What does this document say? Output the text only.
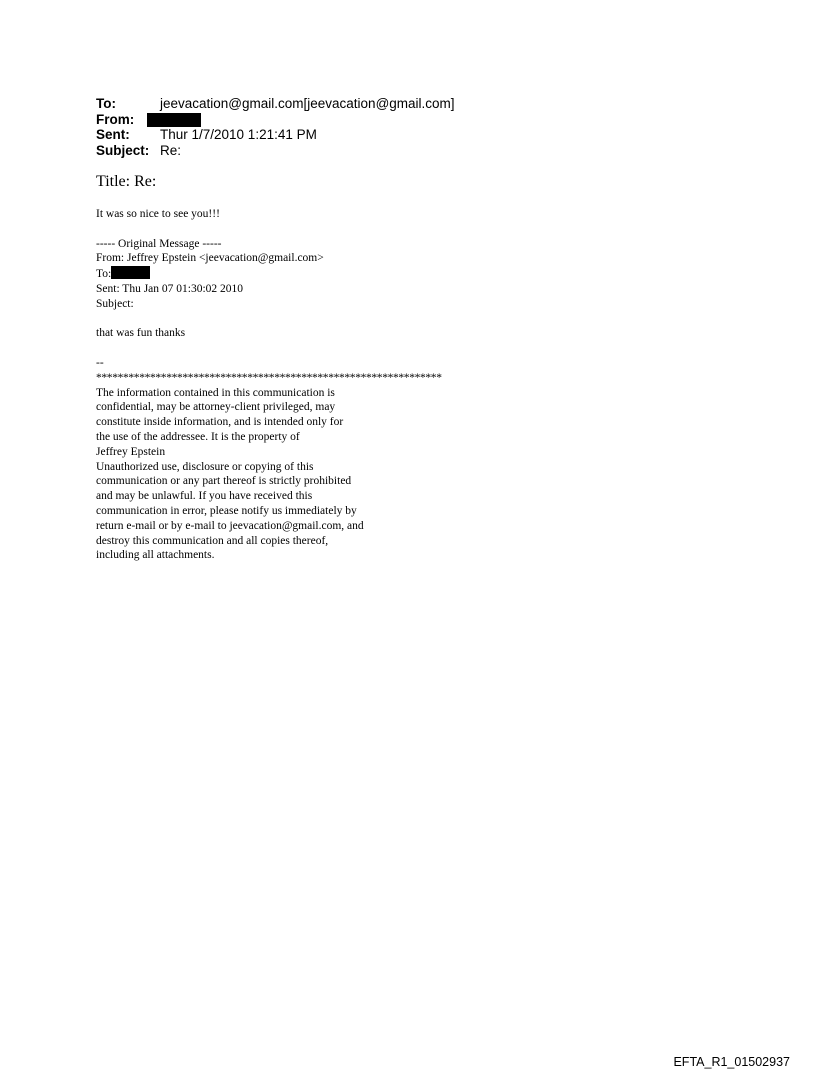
To:	jeevacation@gmail.com[jeevacation@gmail.com]
From:
Sent:	Thur 1/7/2010 1:21:41 PM
Subject: Re:
Title: Re:

It was so nice to see you!!!

----- Original Message -----

From: Jeffrey Epstein <jeevacation@gmail.com>

To:

Sent: Thu Jan 07 01:30:02 2010

Subject:

that was fun thanks

--

****************************************************************

The information contained in this communication is

confidential, may be attorney-client privileged, may

constitute inside information, and is intended only for

the use of the addressee. It is the property of

Jeffrey Epstein

Unauthorized use, disclosure or copying of this

communication or any part thereof is strictly prohibited

and may be unlawful. If you have received this

communication in error, please notify us immediately by

return e-mail or by e-mail to jeevacation@gmail.com, and

destroy this communication and all copies thereof,

including all attachments.

EFTA_R1_01502937
